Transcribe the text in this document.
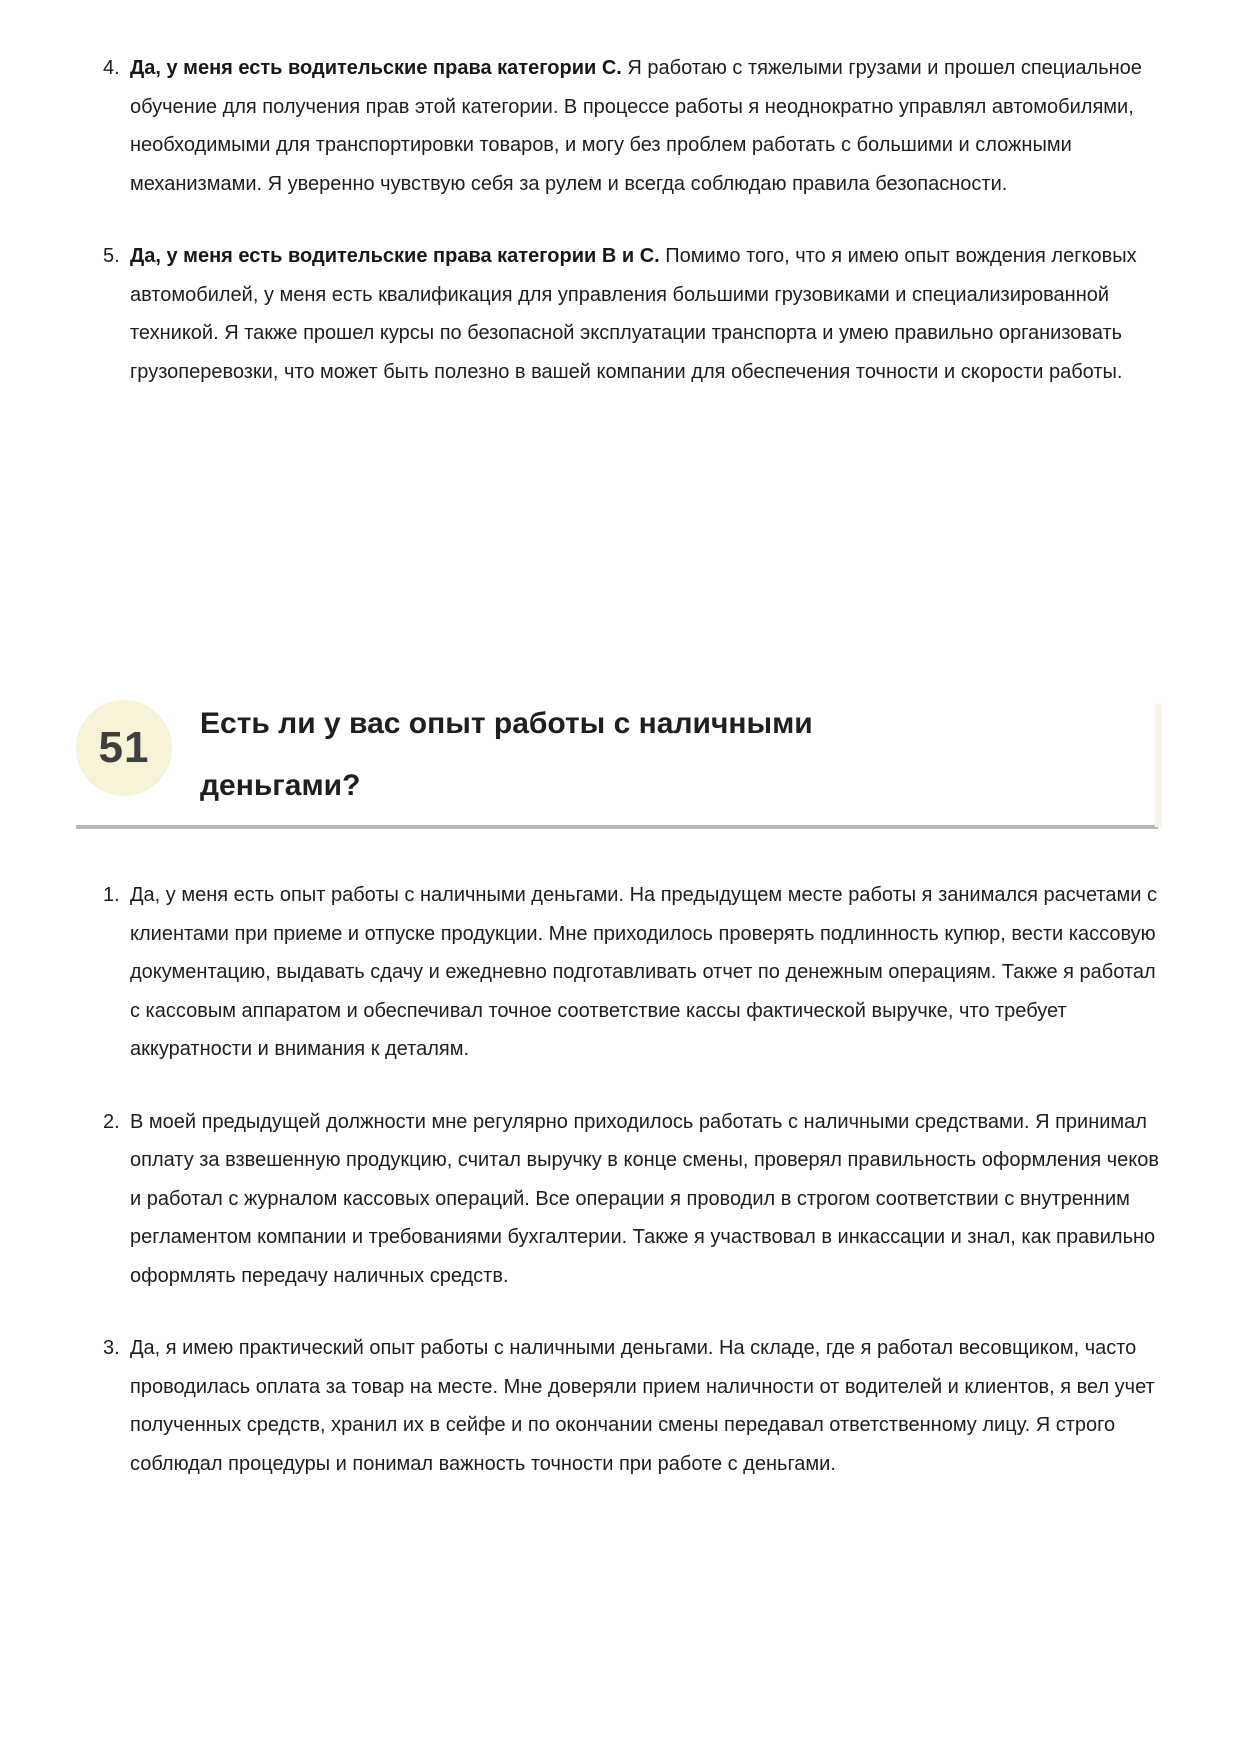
4. Да, у меня есть водительские права категории C. Я работаю с тяжелыми грузами и прошел специальное обучение для получения прав этой категории. В процессе работы я неоднократно управлял автомобилями, необходимыми для транспортировки товаров, и могу без проблем работать с большими и сложными механизмами. Я уверенно чувствую себя за рулем и всегда соблюдаю правила безопасности.

5. Да, у меня есть водительские права категории B и C. Помимо того, что я имею опыт вождения легковых автомобилей, у меня есть квалификация для управления большими грузовиками и специализированной техникой. Я также прошел курсы по безопасной эксплуатации транспорта и умею правильно организовать грузоперевозки, что может быть полезно в вашей компании для обеспечения точности и скорости работы.

51 Есть ли у вас опыт работы с наличными деньгами?
1. Да, у меня есть опыт работы с наличными деньгами. На предыдущем месте работы я занимался расчетами с клиентами при приеме и отпуске продукции. Мне приходилось проверять подлинность купюр, вести кассовую документацию, выдавать сдачу и ежедневно подготавливать отчет по денежным операциям. Также я работал с кассовым аппаратом и обеспечивал точное соответствие кассы фактической выручке, что требует аккуратности и внимания к деталям.

2. В моей предыдущей должности мне регулярно приходилось работать с наличными средствами. Я принимал оплату за взвешенную продукцию, считал выручку в конце смены, проверял правильность оформления чеков и работал с журналом кассовых операций. Все операции я проводил в строгом соответствии с внутренним регламентом компании и требованиями бухгалтерии. Также я участвовал в инкассации и знал, как правильно оформлять передачу наличных средств.

3. Да, я имею практический опыт работы с наличными деньгами. На складе, где я работал весовщиком, часто проводилась оплата за товар на месте. Мне доверяли прием наличности от водителей и клиентов, я вел учет полученных средств, хранил их в сейфе и по окончании смены передавал ответственному лицу. Я строго соблюдал процедуры и понимал важность точности при работе с деньгами.
